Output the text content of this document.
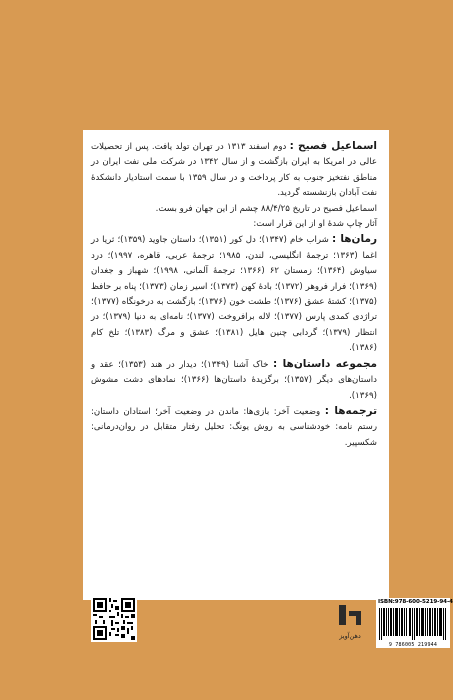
اسماعیل فصیح : دوم اسفند ۱۳۱۳ در تهران تولد یافت. پس از تحصیلات عالی در امریکا به ایران بازگشت و از سال ۱۳۴۲ در شرکت ملی نفت ایران در مناطق نفتخیز جنوب به کار پرداخت و در سال ۱۳۵۹ با سمت استادیار دانشکدهٔ نفت آبادان بازنشسته گردید.

اسماعیل فصیح در تاریخ ۸۸/۴/۲۵ چشم از این جهان فرو بست.

آثار چاپ شدهٔ او از این قرار است:

رمان‌ها : شراب خام (۱۳۴۷)؛ دل کور (۱۳۵۱)؛ داستان جاوید (۱۳۵۹)؛ ثریا در اغما (۱۳۶۳؛ ترجمهٔ انگلیسی، لندن، ۱۹۸۵؛ ترجمهٔ عربی، قاهره، ۱۹۹۷)؛ درد سیاوش (۱۳۶۴)؛ زمستان ۶۲ (۱۳۶۶؛ ترجمهٔ آلمانی، ۱۹۹۸)؛ شهباز و جغدان (۱۳۶۹)؛ فرار فروهر (۱۳۷۲)؛ بادهٔ کهن (۱۳۷۳)؛ اسیر زمان (۱۳۷۳)؛ پناه بر حافظ (۱۳۷۵)؛ کشتهٔ عشق (۱۳۷۶)؛ طشت خون (۱۳۷۶)؛ بازگشت به درخونگاه (۱۳۷۷)؛ تراژدی کمدی پارس (۱۳۷۷)؛ لاله برافروخت (۱۳۷۷)؛ نامه‌ای به دنیا (۱۳۷۹)؛ در انتظار (۱۳۷۹)؛ گردابی چنین هایل (۱۳۸۱)؛ عشق و مرگ (۱۳۸۳)؛ تلخ کام (۱۳۸۶).

مجموعه داستان‌ها : خاک آشنا (۱۳۴۹)؛ دیدار در هند (۱۳۵۳)؛ عقد و داستان‌های دیگر (۱۳۵۷)؛ برگزیدهٔ داستان‌ها (۱۳۶۶)؛ نمادهای دشت مشوش (۱۳۶۹).

ترجمه‌ها : وضعیت آخر: بازی‌ها: ماندن در وضعیت آخر؛ استادان داستان: رستم نامه: خودشناسی به روش یونگ: تحلیل رفتار متقابل در روان‌درمانی: شکسپیر.

دهن‌آویز
ISBN:978-600-5219-94-4
9 786005 219944
